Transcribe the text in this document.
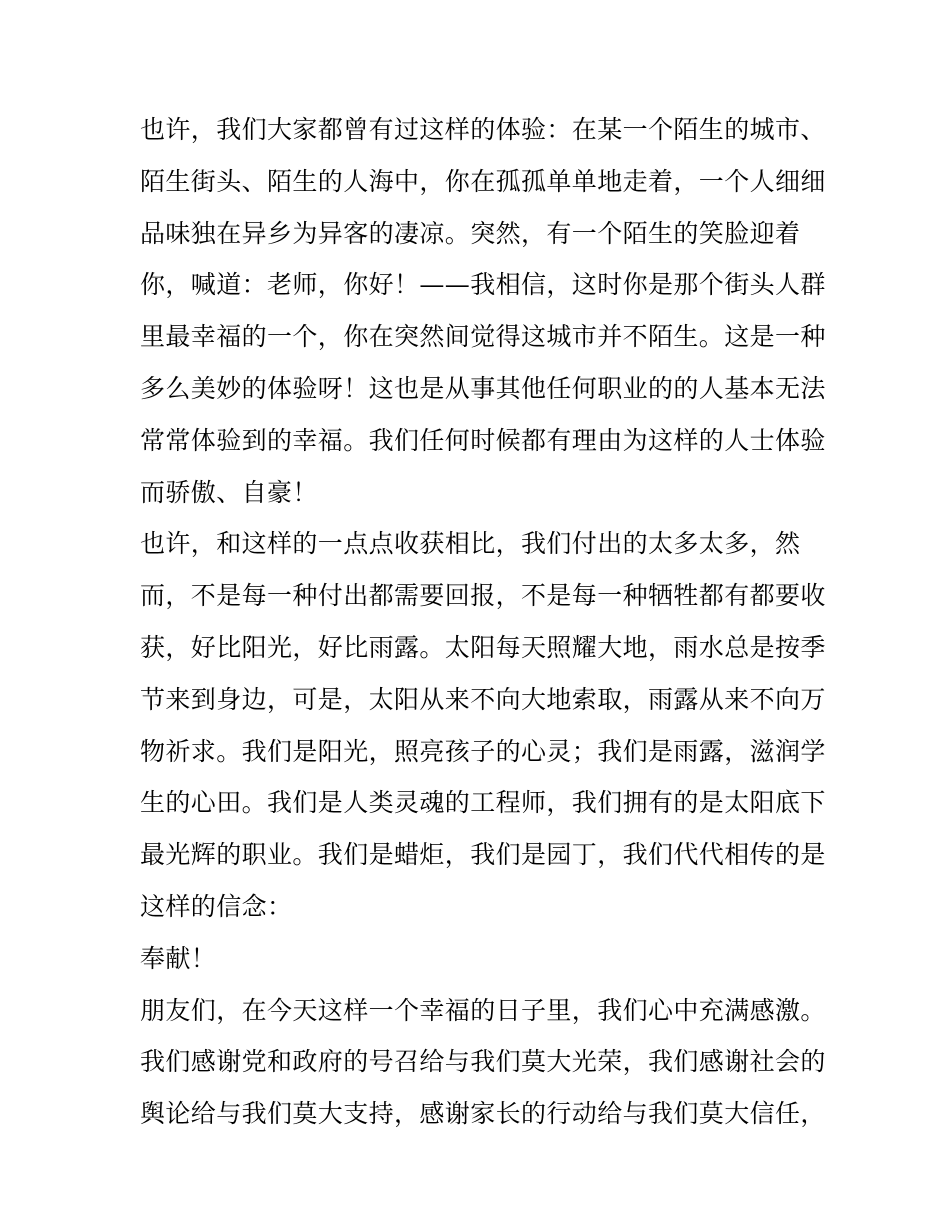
也许，我们大家都曾有过这样的体验：在某一个陌生的城市、
陌生街头、陌生的人海中，你在孤孤单单地走着，一个人细细
品味独在异乡为异客的凄凉。突然，有一个陌生的笑脸迎着
你，喊道：老师，你好！——我相信，这时你是那个街头人群
里最幸福的一个，你在突然间觉得这城市并不陌生。这是一种
多么美妙的体验呀！这也是从事其他任何职业的的人基本无法
常常体验到的幸福。我们任何时候都有理由为这样的人士体验
而骄傲、自豪！
也许，和这样的一点点收获相比，我们付出的太多太多，然
而，不是每一种付出都需要回报，不是每一种牺牲都有都要收
获，好比阳光，好比雨露。太阳每天照耀大地，雨水总是按季
节来到身边，可是，太阳从来不向大地索取，雨露从来不向万
物祈求。我们是阳光，照亮孩子的心灵；我们是雨露，滋润学
生的心田。我们是人类灵魂的工程师，我们拥有的是太阳底下
最光辉的职业。我们是蜡炬，我们是园丁，我们代代相传的是
这样的信念：
奉献！
朋友们，在今天这样一个幸福的日子里，我们心中充满感激。
我们感谢党和政府的号召给与我们莫大光荣，我们感谢社会的
舆论给与我们莫大支持，感谢家长的行动给与我们莫大信任，
